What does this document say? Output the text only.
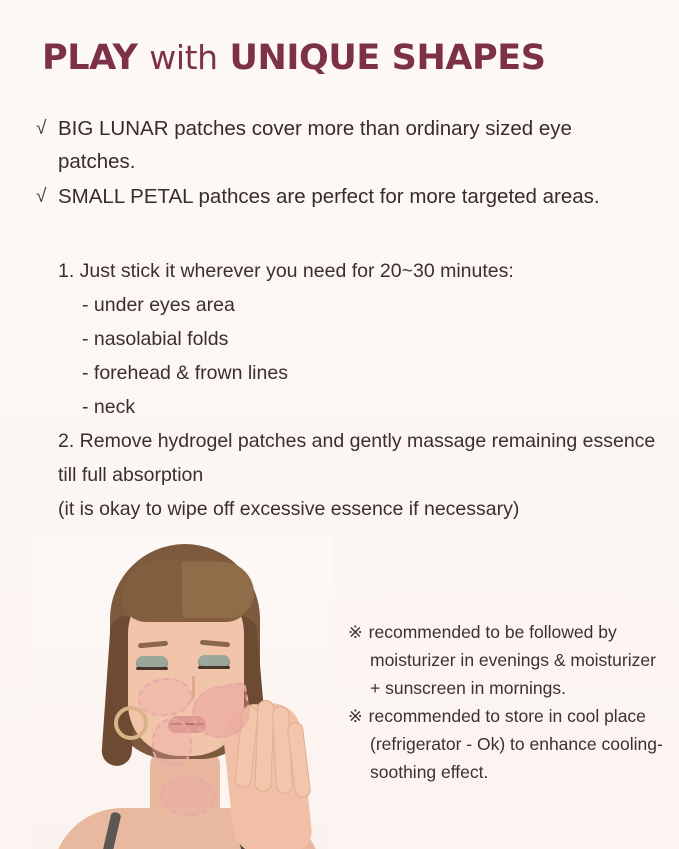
PLAY with UNIQUE SHAPES
√ BIG LUNAR patches cover more than ordinary sized eye patches.
√ SMALL PETAL pathces are perfect for more targeted areas.

1. Just stick it wherever you need for 20~30 minutes:

- under eyes area

- nasolabial folds

- forehead & frown lines

- neck

2. Remove hydrogel patches and gently massage remaining essence till full absorption

(it is okay to wipe off excessive essence if necessary)

※ recommended to be followed by moisturizer in evenings & moisturizer + sunscreen in mornings.

※ recommended to store in cool place (refrigerator - Ok) to enhance cooling-soothing effect.
